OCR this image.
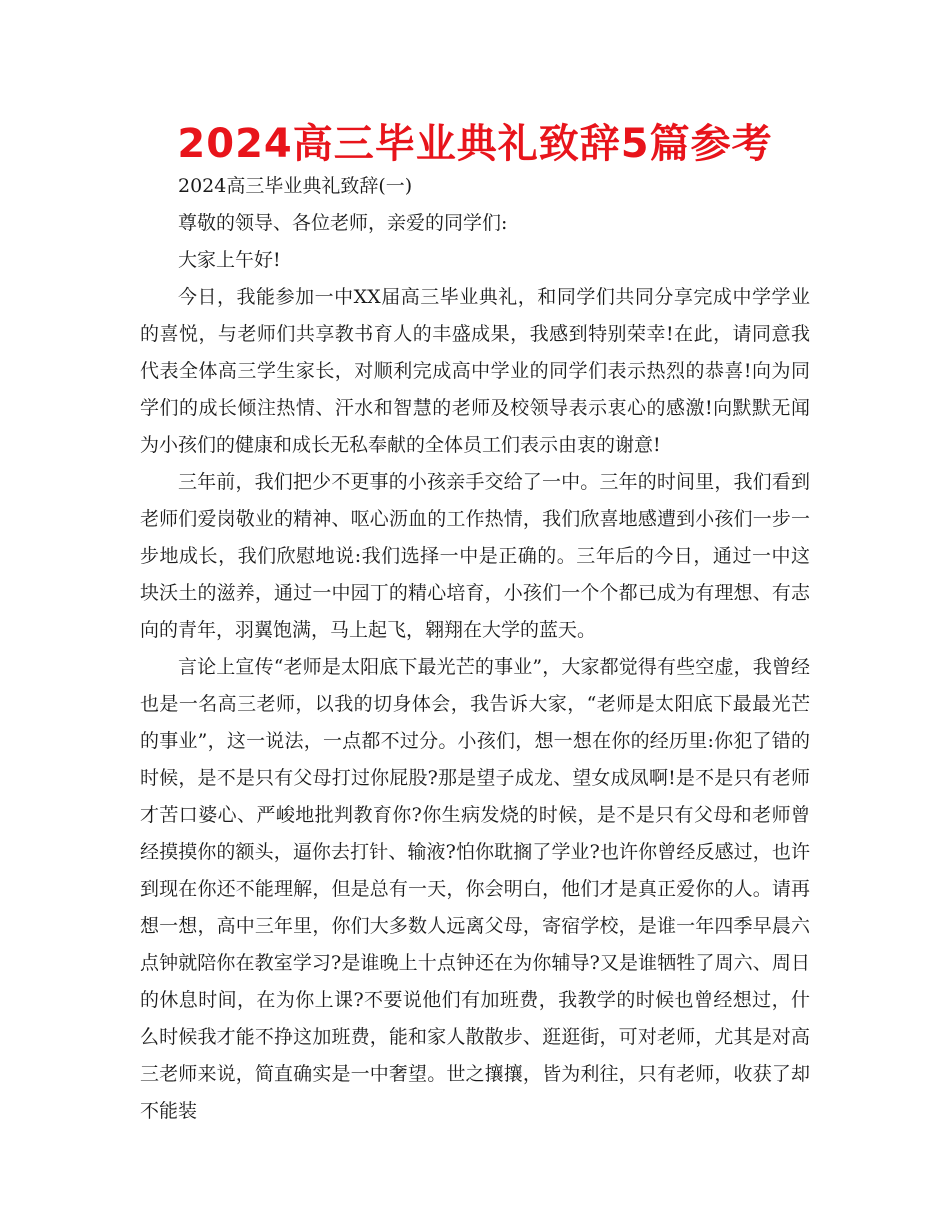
2024高三毕业典礼致辞5篇参考

2024高三毕业典礼致辞(一)

尊敬的领导、各位老师，亲爱的同学们:

大家上午好!

今日，我能参加一中XX届高三毕业典礼，和同学们共同分享完成中学学业的喜悦，与老师们共享教书育人的丰盛成果，我感到特别荣幸!在此，请同意我代表全体高三学生家长，对顺利完成高中学业的同学们表示热烈的恭喜!向为同学们的成长倾注热情、汗水和智慧的老师及校领导表示衷心的感激!向默默无闻为小孩们的健康和成长无私奉献的全体员工们表示由衷的谢意!

三年前，我们把少不更事的小孩亲手交给了一中。三年的时间里，我们看到老师们爱岗敬业的精神、呕心沥血的工作热情，我们欣喜地感遭到小孩们一步一步地成长，我们欣慰地说:我们选择一中是正确的。三年后的今日，通过一中这块沃土的滋养，通过一中园丁的精心培育，小孩们一个个都已成为有理想、有志向的青年，羽翼饱满，马上起飞，翱翔在大学的蓝天。

言论上宣传“老师是太阳底下最光芒的事业”，大家都觉得有些空虚，我曾经也是一名高三老师，以我的切身体会，我告诉大家，“老师是太阳底下最最光芒的事业”，这一说法，一点都不过分。小孩们，想一想在你的经历里:你犯了错的时候，是不是只有父母打过你屁股?那是望子成龙、望女成凤啊!是不是只有老师才苦口婆心、严峻地批判教育你?你生病发烧的时候，是不是只有父母和老师曾经摸摸你的额头，逼你去打针、输液?怕你耽搁了学业?也许你曾经反感过，也许到现在你还不能理解，但是总有一天，你会明白，他们才是真正爱你的人。请再想一想，高中三年里，你们大多数人远离父母，寄宿学校，是谁一年四季早晨六点钟就陪你在教室学习?是谁晚上十点钟还在为你辅导?又是谁牺牲了周六、周日的休息时间，在为你上课?不要说他们有加班费，我教学的时候也曾经想过，什么时候我才能不挣这加班费，能和家人散散步、逛逛街，可对老师，尤其是对高三老师来说，简直确实是一中奢望。世之攘攘，皆为利往，只有老师，收获了却不能装
